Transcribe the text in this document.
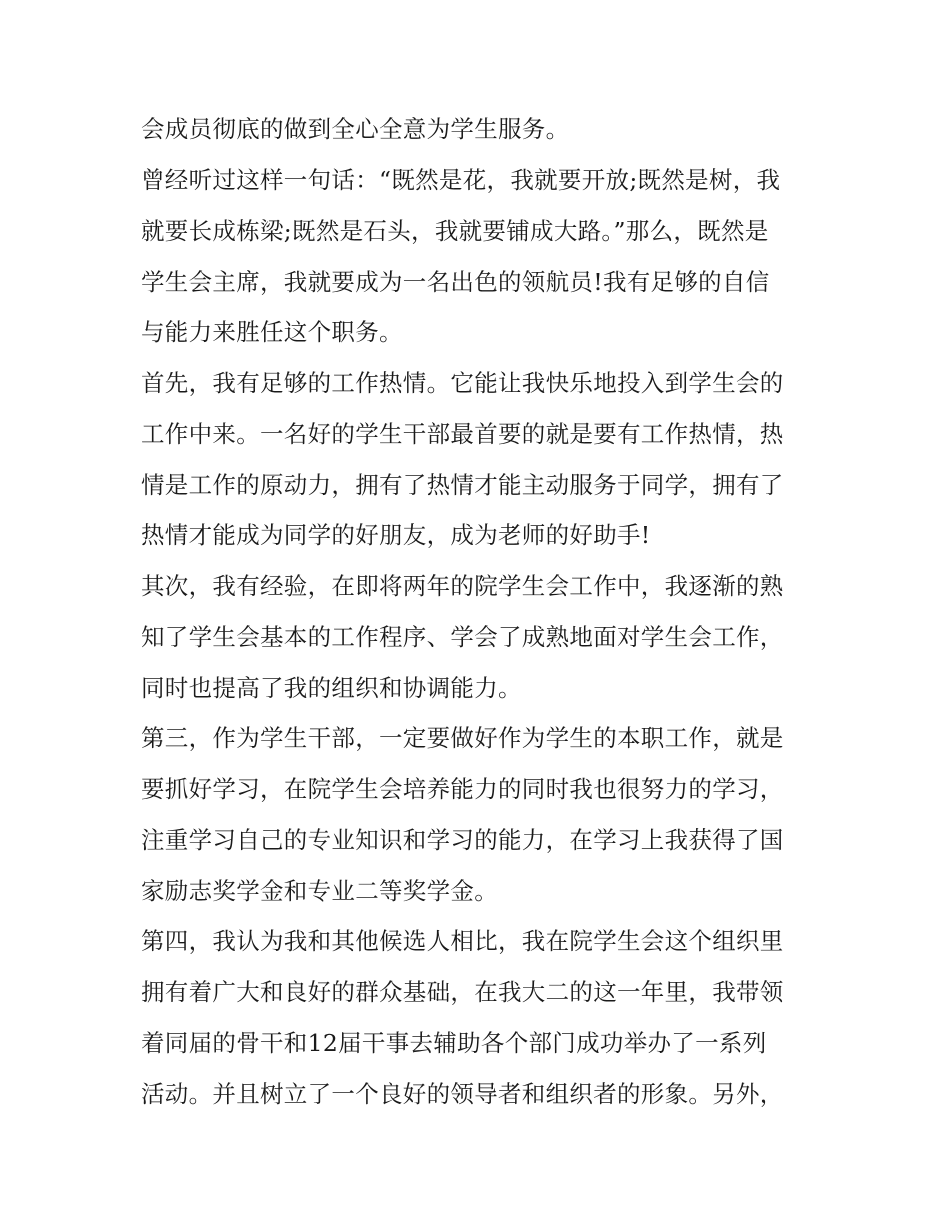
会成员彻底的做到全心全意为学生服务。
曾经听过这样一句话：“既然是花，我就要开放;既然是树，我
就要长成栋梁;既然是石头，我就要铺成大路。”那么，既然是
学生会主席，我就要成为一名出色的领航员!我有足够的自信
与能力来胜任这个职务。
首先，我有足够的工作热情。它能让我快乐地投入到学生会的
工作中来。一名好的学生干部最首要的就是要有工作热情，热
情是工作的原动力，拥有了热情才能主动服务于同学，拥有了
热情才能成为同学的好朋友，成为老师的好助手!
其次，我有经验，在即将两年的院学生会工作中，我逐渐的熟
知了学生会基本的工作程序、学会了成熟地面对学生会工作，
同时也提高了我的组织和协调能力。
第三，作为学生干部，一定要做好作为学生的本职工作，就是
要抓好学习，在院学生会培养能力的同时我也很努力的学习，
注重学习自己的专业知识和学习的能力，在学习上我获得了国
家励志奖学金和专业二等奖学金。
第四，我认为我和其他候选人相比，我在院学生会这个组织里
拥有着广大和良好的群众基础，在我大二的这一年里，我带领
着同届的骨干和12届干事去辅助各个部门成功举办了一系列
活动。并且树立了一个良好的领导者和组织者的形象。另外，
